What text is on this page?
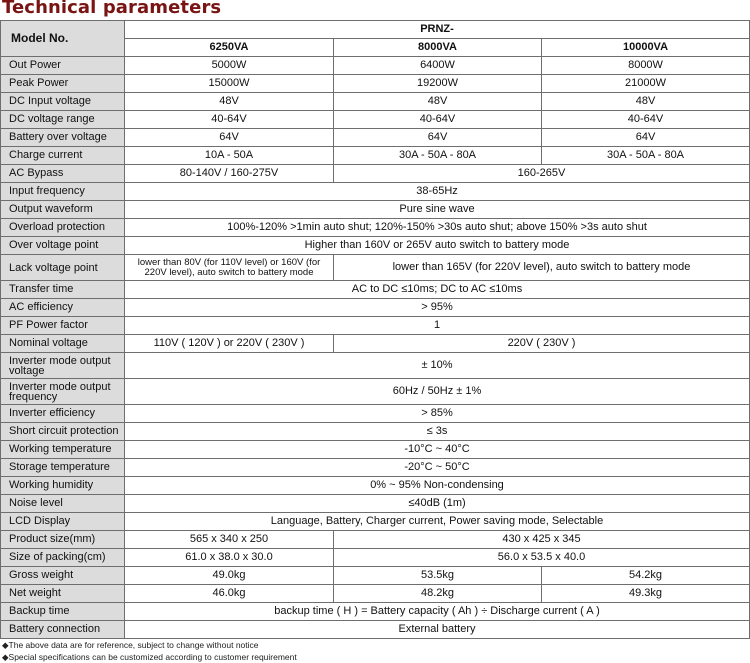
Technical parameters
Model No.	PRNZ-		
	6250VA	8000VA	10000VA
Out Power	5000W	6400W	8000W
Peak Power	15000W	19200W	21000W
DC Input voltage	48V	48V	48V
DC voltage range	40-64V	40-64V	40-64V
Battery over voltage	64V	64V	64V
Charge current	10A - 50A	30A - 50A - 80A	30A - 50A - 80A
AC Bypass	80-140V / 160-275V	160-265V	
Input frequency	38-65Hz		
Output waveform	Pure sine wave		
Overload protection	100%-120% >1min auto shut; 120%-150% >30s auto shut; above 150% >3s auto shut		
Over voltage point	Higher than 160V or 265V auto switch to battery mode		
Lack voltage point	lower than 80V (for 110V level) or 160V (for 220V level), auto switch to battery mode	lower than 165V (for 220V level), auto switch to battery mode	
Transfer time	AC to DC ≤10ms; DC to AC ≤10ms		
AC efficiency	> 95%		
PF Power factor	1		
Nominal voltage	110V ( 120V ) or 220V ( 230V )	220V ( 230V )	
Inverter mode output voltage	± 10%		
Inverter mode output frequency	60Hz / 50Hz ± 1%		
Inverter efficiency	> 85%		
Short circuit protection	≤ 3s		
Working temperature	-10°C ~ 40°C		
Storage temperature	-20°C ~ 50°C		
Working humidity	0% ~ 95% Non-condensing		
Noise level	≤40dB (1m)		
LCD Display	Language, Battery, Charger current, Power saving mode, Selectable		
Product size(mm)	565 x 340 x 250	430 x 425 x 345	
Size of packing(cm)	61.0 x 38.0 x 30.0	56.0 x 53.5 x 40.0	
Gross weight	49.0kg	53.5kg	54.2kg
Net weight	46.0kg	48.2kg	49.3kg
Backup time	backup time ( H ) = Battery capacity ( Ah ) ÷ Discharge current ( A )		
Battery connection	External battery		
◆The above data are for reference, subject to change without notice
◆Special specifications can be customized according to customer requirement
